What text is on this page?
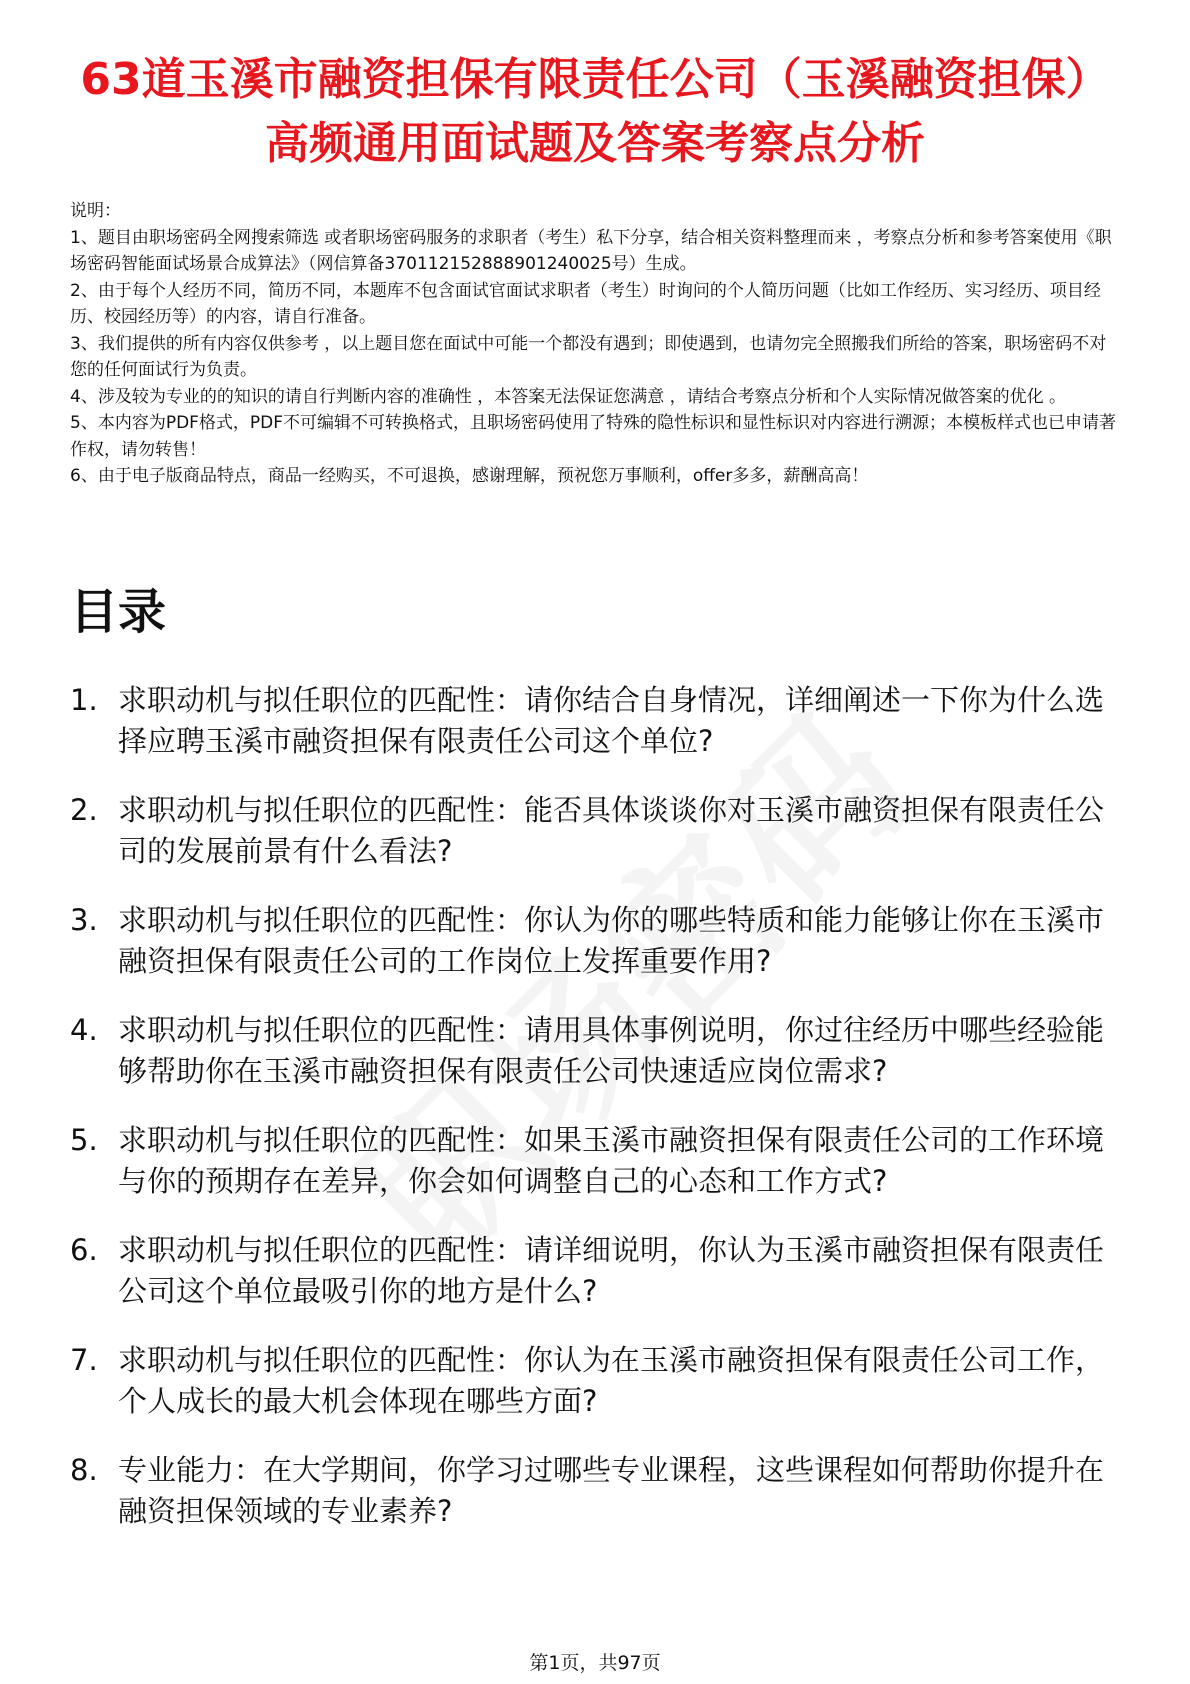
63道玉溪市融资担保有限责任公司（玉溪融资担保）高频通用面试题及答案考察点分析
说明：
1、题目由职场密码全网搜索筛选 或者职场密码服务的求职者（考生）私下分享，结合相关资料整理而来 ，考察点分析和参考答案使用《职场密码智能面试场景合成算法》（网信算备370112152888901240025号）生成。
2、由于每个人经历不同，简历不同，本题库不包含面试官面试求职者（考生）时询问的个人简历问题（比如工作经历、实习经历、项目经历、校园经历等）的内容，请自行准备。
3、我们提供的所有内容仅供参考 ，以上题目您在面试中可能一个都没有遇到；即使遇到，也请勿完全照搬我们所给的答案，职场密码不对您的任何面试行为负责。
4、涉及较为专业的的知识的请自行判断内容的准确性 ，本答案无法保证您满意 ，请结合考察点分析和个人实际情况做答案的优化 。
5、本内容为PDF格式，PDF不可编辑不可转换格式，且职场密码使用了特殊的隐性标识和显性标识对内容进行溯源；本模板样式也已申请著作权，请勿转售！
6、由于电子版商品特点，商品一经购买，不可退换，感谢理解，预祝您万事顺利，offer多多，薪酬高高！
目录
1. 求职动机与拟任职位的匹配性：请你结合自身情况，详细阐述一下你为什么选择应聘玉溪市融资担保有限责任公司这个单位?
2. 求职动机与拟任职位的匹配性：能否具体谈谈你对玉溪市融资担保有限责任公司的发展前景有什么看法?
3. 求职动机与拟任职位的匹配性：你认为你的哪些特质和能力能够让你在玉溪市融资担保有限责任公司的工作岗位上发挥重要作用?
4. 求职动机与拟任职位的匹配性：请用具体事例说明，你过往经历中哪些经验能够帮助你在玉溪市融资担保有限责任公司快速适应岗位需求?
5. 求职动机与拟任职位的匹配性：如果玉溪市融资担保有限责任公司的工作环境与你的预期存在差异，你会如何调整自己的心态和工作方式?
6. 求职动机与拟任职位的匹配性：请详细说明，你认为玉溪市融资担保有限责任公司这个单位最吸引你的地方是什么?
7. 求职动机与拟任职位的匹配性：你认为在玉溪市融资担保有限责任公司工作，个人成长的最大机会体现在哪些方面?
8. 专业能力：在大学期间，你学习过哪些专业课程，这些课程如何帮助你提升在融资担保领域的专业素养?
第1页，共97页
